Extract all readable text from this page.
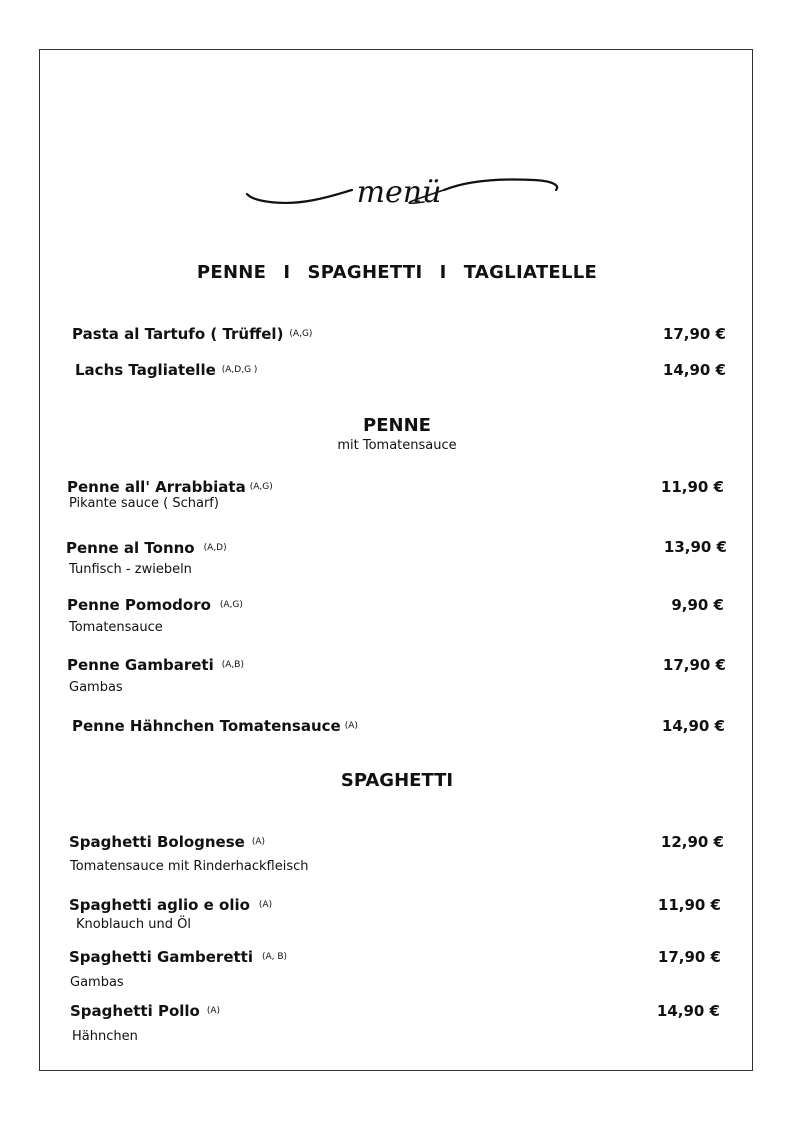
menü
PENNE  I  SPAGHETTI  I  TAGLIATELLE
Pasta al Tartufo ( Trüffel) $^{(A,G)}$	17,90 €
Lachs Tagliatelle $^{(A,D,G )}$	14,90 €
PENNE
mit Tomatensauce
Penne all' Arrabbiata $^{(A,G)}$
Pikante sauce ( Scharf)
11,90 €
Penne al Tonno $^{(A,D)}$
Tunfisch - zwiebeln
13,90 €
Penne Pomodoro $^{(A,G)}$
Tomatensauce
9,90 €
Penne Gambareti $^{(A,B)}$
Gambas
17,90 €
Penne Hähnchen Tomatensauce $^{(A)}$	14,90 €
SPAGHETTI
Spaghetti Bolognese $^{(A)}$
Tomatensauce mit Rinderhackfleisch
12,90 €
Spaghetti aglio e olio $^{(A)}$
Knoblauch und Öl
11,90 €
Spaghetti Gamberetti $^{(A, B)}$
Gambas
17,90 €
Spaghetti Pollo $^{(A)}$
Hähnchen
14,90 €
